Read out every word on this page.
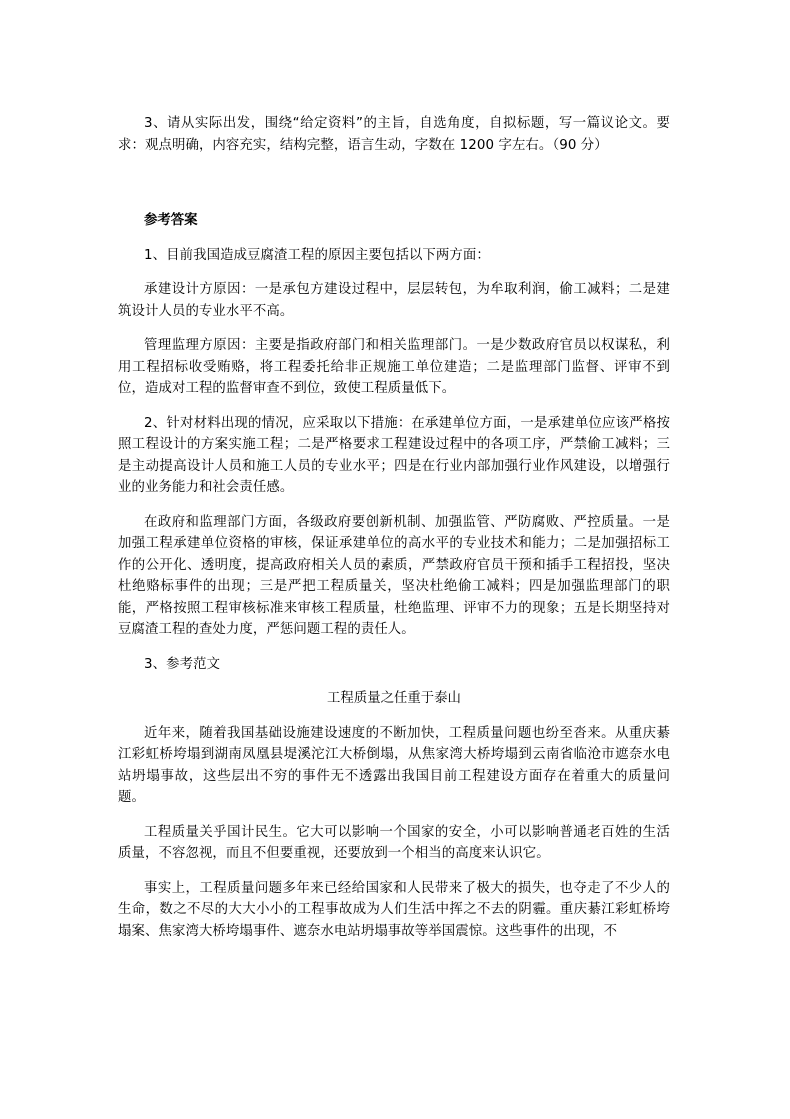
3、请从实际出发，围绕“给定资料”的主旨，自选角度，自拟标题，写一篇议论文。要求：观点明确，内容充实，结构完整，语言生动，字数在 1200 字左右。（90 分）

参考答案

1、目前我国造成豆腐渣工程的原因主要包括以下两方面：

承建设计方原因：一是承包方建设过程中，层层转包，为牟取利润，偷工减料；二是建筑设计人员的专业水平不高。

管理监理方原因：主要是指政府部门和相关监理部门。一是少数政府官员以权谋私，利用工程招标收受贿赂，将工程委托给非正规施工单位建造；二是监理部门监督、评审不到位，造成对工程的监督审查不到位，致使工程质量低下。

2、针对材料出现的情况，应采取以下措施：在承建单位方面，一是承建单位应该严格按照工程设计的方案实施工程；二是严格要求工程建设过程中的各项工序，严禁偷工减料；三是主动提高设计人员和施工人员的专业水平；四是在行业内部加强行业作风建设，以增强行业的业务能力和社会责任感。

在政府和监理部门方面，各级政府要创新机制、加强监管、严防腐败、严控质量。一是加强工程承建单位资格的审核，保证承建单位的高水平的专业技术和能力；二是加强招标工作的公开化、透明度，提高政府相关人员的素质，严禁政府官员干预和插手工程招投，坚决杜绝赂标事件的出现；三是严把工程质量关，坚决杜绝偷工减料；四是加强监理部门的职能，严格按照工程审核标准来审核工程质量，杜绝监理、评审不力的现象；五是长期坚持对豆腐渣工程的查处力度，严惩问题工程的责任人。

3、参考范文

工程质量之任重于泰山

近年来，随着我国基础设施建设速度的不断加快，工程质量问题也纷至沓来。从重庆綦江彩虹桥垮塌到湖南凤凰县堤溪沱江大桥倒塌，从焦家湾大桥垮塌到云南省临沧市遮奈水电站坍塌事故，这些层出不穷的事件无不透露出我国目前工程建设方面存在着重大的质量问题。

工程质量关乎国计民生。它大可以影响一个国家的安全，小可以影响普通老百姓的生活质量，不容忽视，而且不但要重视，还要放到一个相当的高度来认识它。

事实上，工程质量问题多年来已经给国家和人民带来了极大的损失，也夺走了不少人的生命，数之不尽的大大小小的工程事故成为人们生活中挥之不去的阴霾。重庆綦江彩虹桥垮塌案、焦家湾大桥垮塌事件、遮奈水电站坍塌事故等举国震惊。这些事件的出现，不
